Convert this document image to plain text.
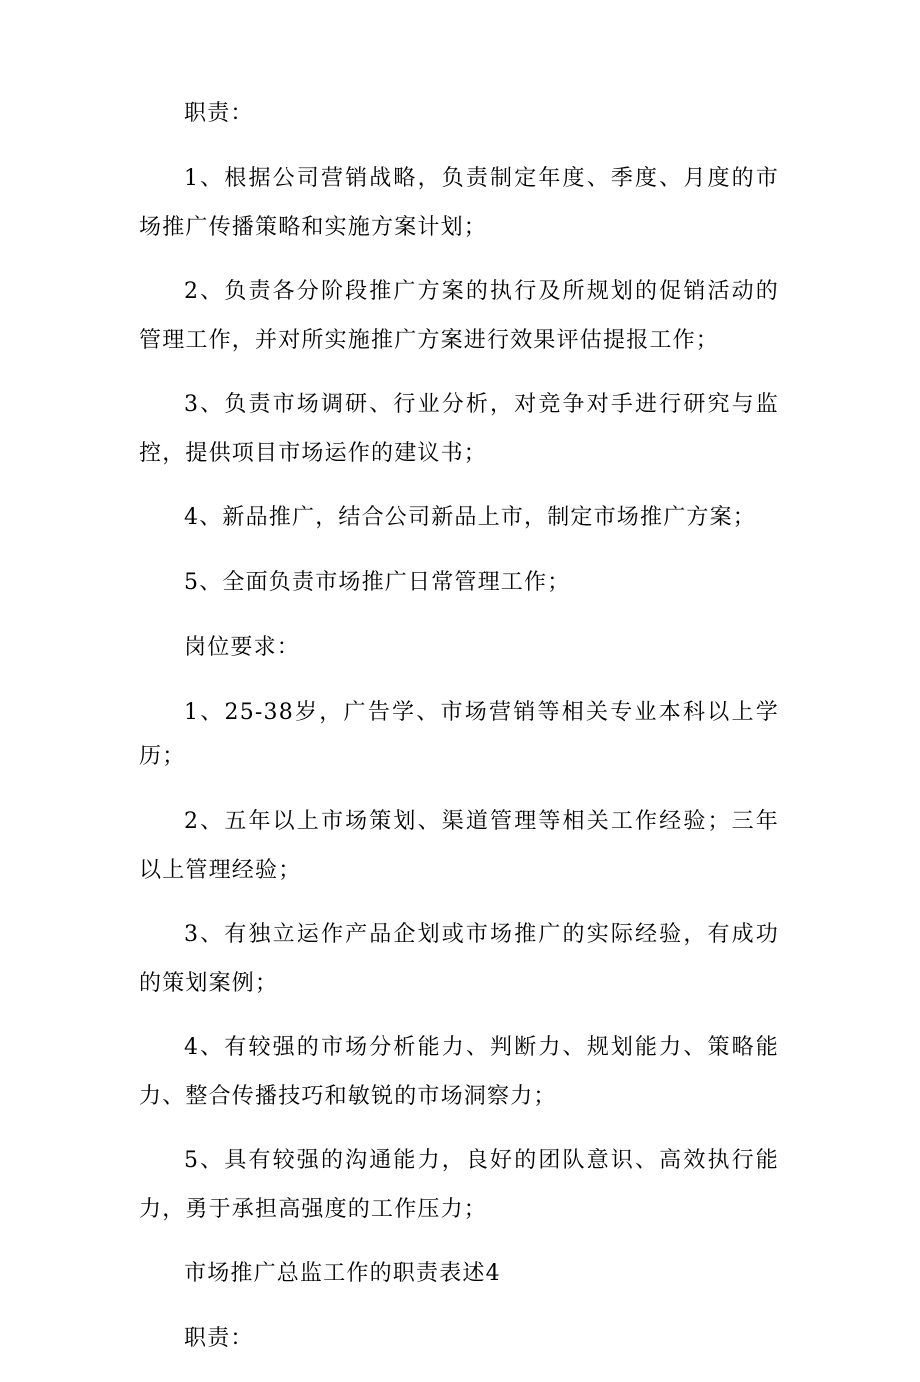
职责：

1、根据公司营销战略，负责制定年度、季度、月度的市场推广传播策略和实施方案计划；

2、负责各分阶段推广方案的执行及所规划的促销活动的管理工作，并对所实施推广方案进行效果评估提报工作；

3、负责市场调研、行业分析，对竞争对手进行研究与监控，提供项目市场运作的建议书；

4、新品推广，结合公司新品上市，制定市场推广方案；

5、全面负责市场推广日常管理工作；

岗位要求：

1、25-38岁，广告学、市场营销等相关专业本科以上学历；

2、五年以上市场策划、渠道管理等相关工作经验；三年以上管理经验；

3、有独立运作产品企划或市场推广的实际经验，有成功的策划案例；

4、有较强的市场分析能力、判断力、规划能力、策略能力、整合传播技巧和敏锐的市场洞察力；

5、具有较强的沟通能力，良好的团队意识、高效执行能力，勇于承担高强度的工作压力；

市场推广总监工作的职责表述4

职责：
